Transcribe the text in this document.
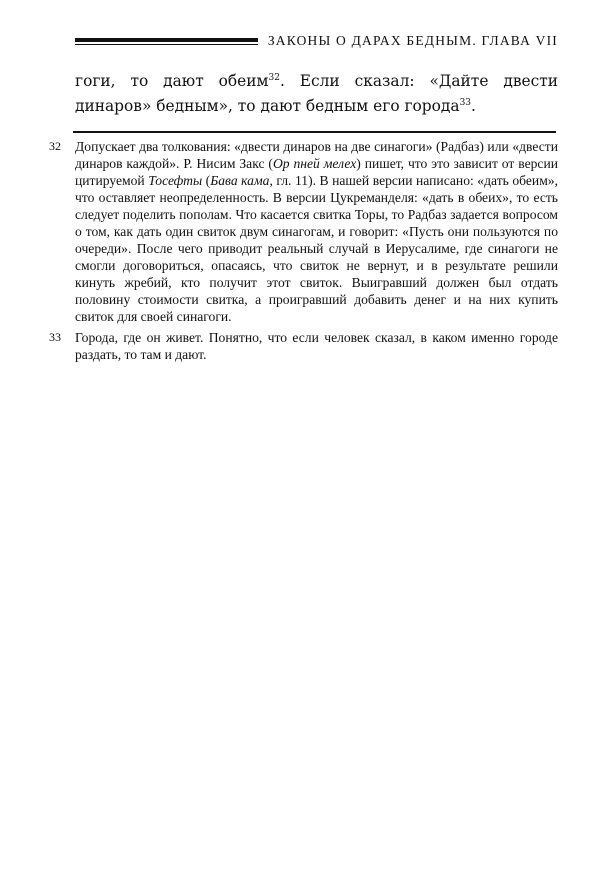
ЗАКОНЫ О ДАРАХ БЕДНЫМ. ГЛАВА VII

гоги, то дают обеим$^{32}$. Если сказал: «Дайте двести динаров» бедным», то дают бедным его города$^{33}$.

32 Допускает два толкования: «двести динаров на две синагоги» (Радбаз) или «двести динаров каждой». Р. Нисим Закс (Ор пней мелех) пишет, что это зависит от версии цитируемой Тосефты (Бава кама, гл. 11). В нашей версии написано: «дать обеим», что оставляет неопределенность. В версии Цукреманделя: «дать в обеих», то есть следует поделить пополам. Что касается свитка Торы, то Радбаз задается вопросом о том, как дать один свиток двум синагогам, и говорит: «Пусть они пользуются по очереди». После чего приводит реальный случай в Иерусалиме, где синагоги не смогли договориться, опасаясь, что свиток не вернут, и в результате решили кинуть жребий, кто получит этот свиток. Выигравший должен был отдать половину стоимости свитка, а проигравший добавить денег и на них купить свиток для своей синагоги.
33 Города, где он живет. Понятно, что если человек сказал, в каком именно городе раздать, то там и дают.
